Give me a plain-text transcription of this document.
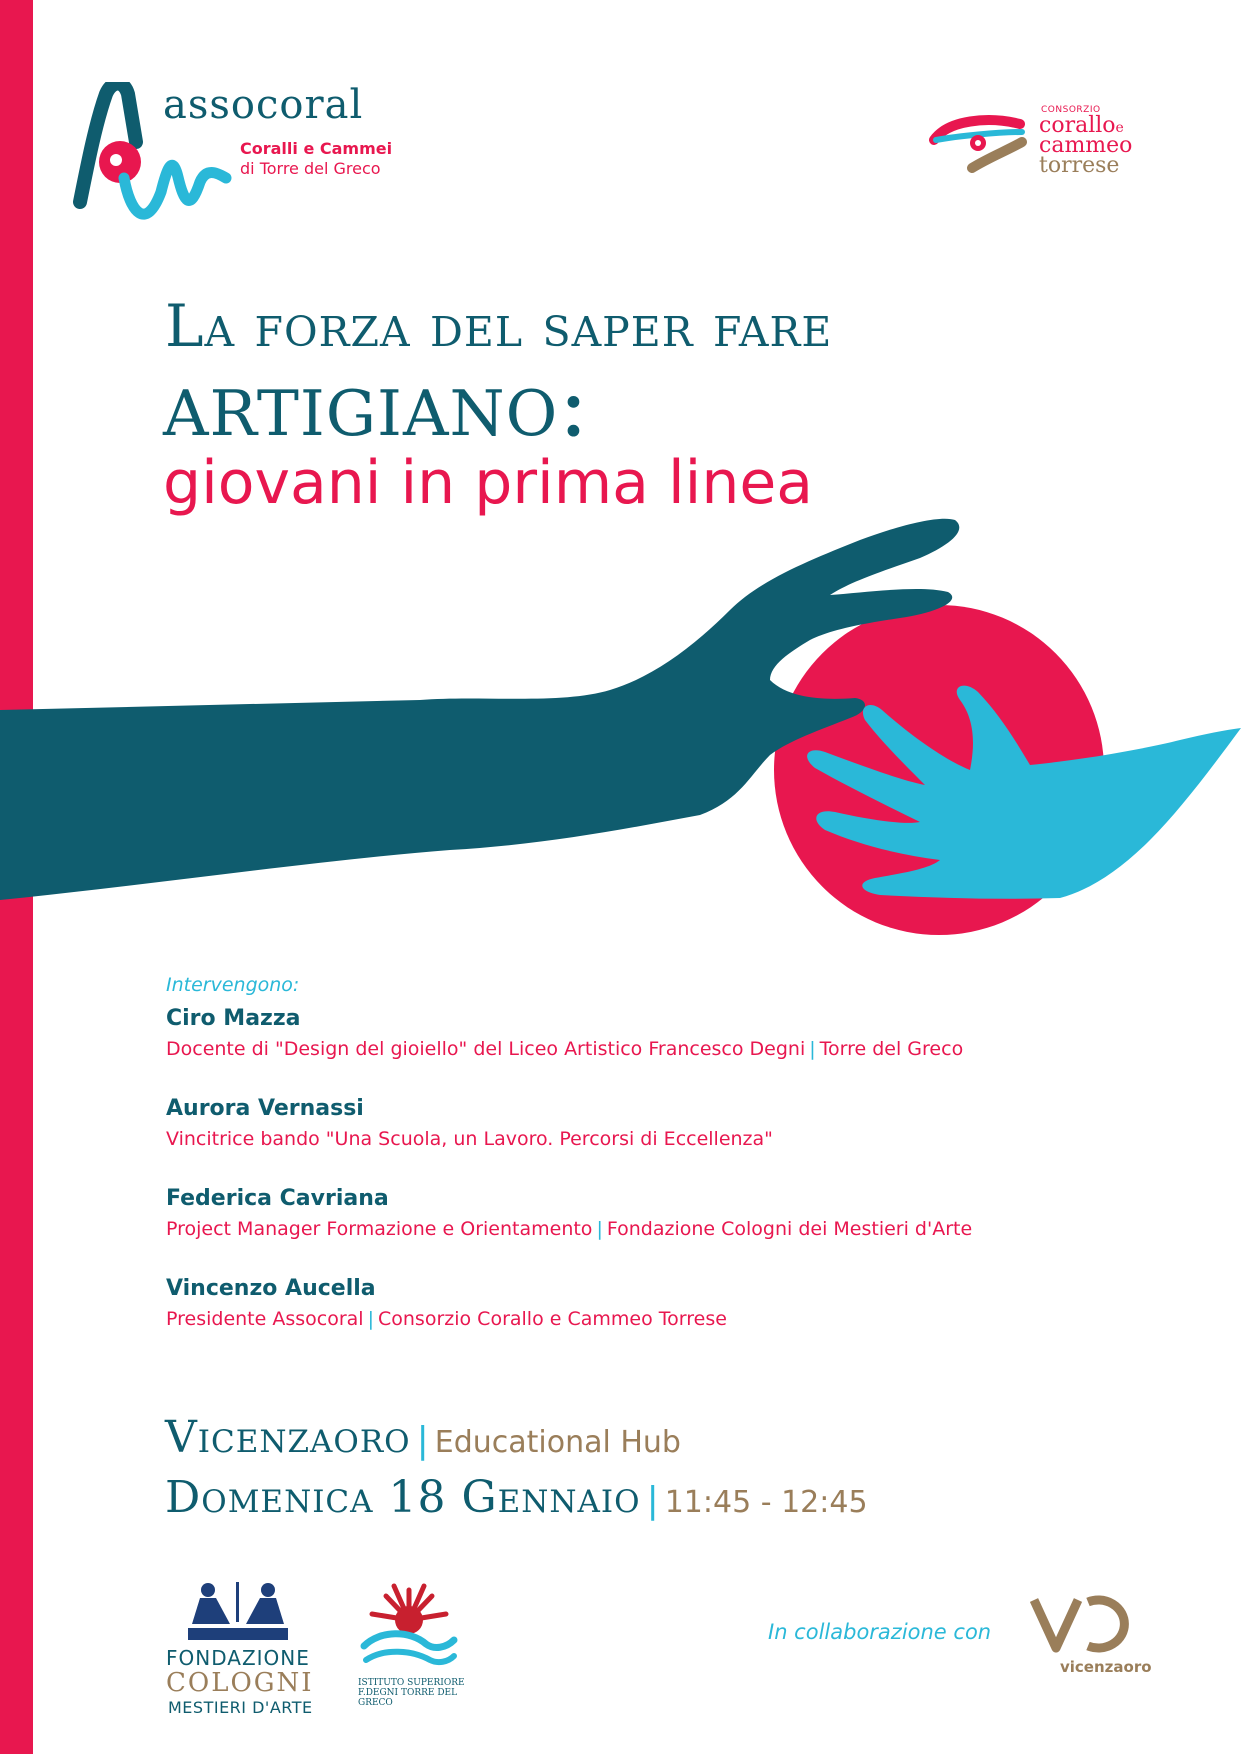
assocoral
Coralli e Cammei
di Torre del Greco
CONSORZIO
coralloe
cammeo
torrese
La forza del saper fare
artigiano:
giovani in prima linea
Intervengono:
Ciro Mazza
Docente di "Design del gioiello" del Liceo Artistico Francesco Degni | Torre del Greco
Aurora Vernassi
Vincitrice bando "Una Scuola, un Lavoro. Percorsi di Eccellenza"
Federica Cavriana
Project Manager Formazione e Orientamento | Fondazione Cologni dei Mestieri d'Arte
Vincenzo Aucella
Presidente Assocoral | Consorzio Corallo e Cammeo Torrese
Vicenzaoro | Educational Hub
Domenica 18 Gennaio | 11:45 - 12:45
FONDAZIONE
COLOGNI
MESTIERI D'ARTE
ISTITUTO SUPERIORE F.DEGNI TORRE DEL GRECO
In collaborazione con
vicenzaoro
